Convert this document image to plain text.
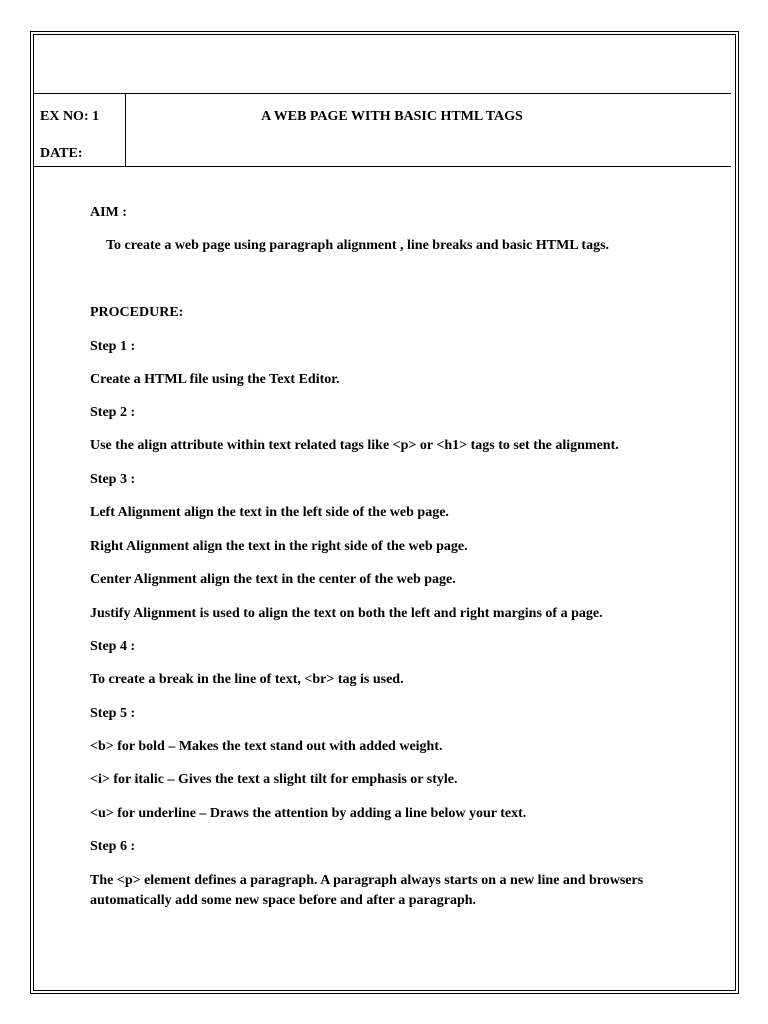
EX NO: 1
DATE:
A WEB PAGE WITH BASIC HTML TAGS
AIM :
To create a web page using paragraph alignment , line breaks and basic HTML tags.
PROCEDURE:
Step 1 :
Create a HTML file using the Text Editor.
Step 2 :
Use the align attribute within text related tags like <p> or <h1> tags to set the alignment.
Step 3 :
Left Alignment align the text in the left side of the web page.
Right Alignment align the text in the right side of the web page.
Center Alignment align the text in the center of the web page.
Justify Alignment is used to align the text on both the left and right margins of a page.
Step 4 :
To create a break in the line of text, <br> tag is used.
Step 5 :
<b> for bold – Makes the text stand out with added weight.
<i> for italic – Gives the text a slight tilt for emphasis or style.
<u> for underline – Draws the attention by adding a line below your text.
Step 6 :
The <p> element defines a paragraph. A paragraph always starts on a new line and browsers automatically add some new space before and after a paragraph.
